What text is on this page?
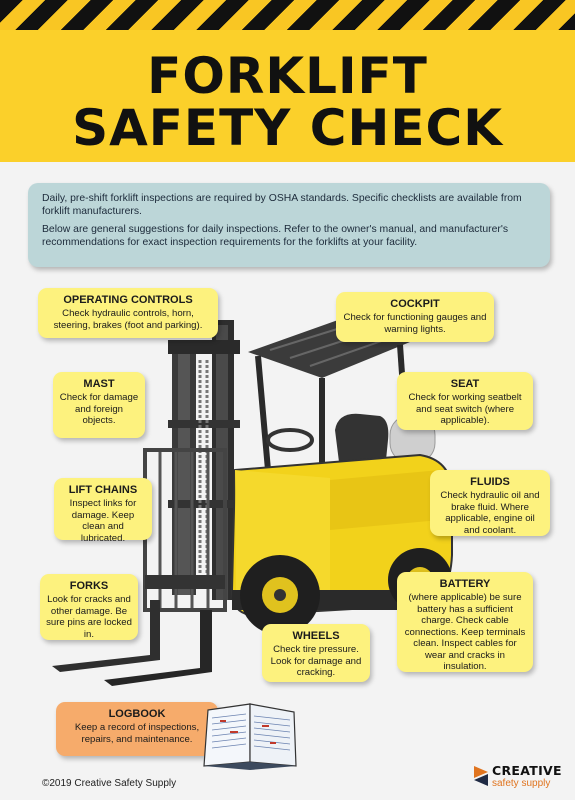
FORKLIFT
SAFETY CHECK

Daily, pre-shift forklift inspections are required by OSHA standards. Specific checklists are available from forklift manufacturers.

Below are general suggestions for daily inspections. Refer to the owner's manual, and manufacturer's recommendations for exact inspection requirements for the forklifts at your facility.

OPERATING CONTROLS
Check hydraulic controls, horn, steering, brakes (foot and parking).
COCKPIT
Check for functioning gauges and warning lights.
MAST
Check for damage and foreign objects.
SEAT
Check for working seatbelt and seat switch (where applicable).
FLUIDS
Check hydraulic oil and brake fluid. Where applicable, engine oil and coolant.
LIFT CHAINS
Inspect links for damage. Keep clean and lubricated.
FORKS
Look for cracks and other damage. Be sure pins are locked in.
BATTERY
(where applicable) be sure battery has a sufficient charge. Check cable connections. Keep terminals clean. Inspect cables for wear and cracks in insulation.
WHEELS
Check tire pressure. Look for damage and cracking.
LOGBOOK
Keep a record of inspections, repairs, and maintenance.
©2019 Creative Safety Supply
CREATIVE
safety supply
